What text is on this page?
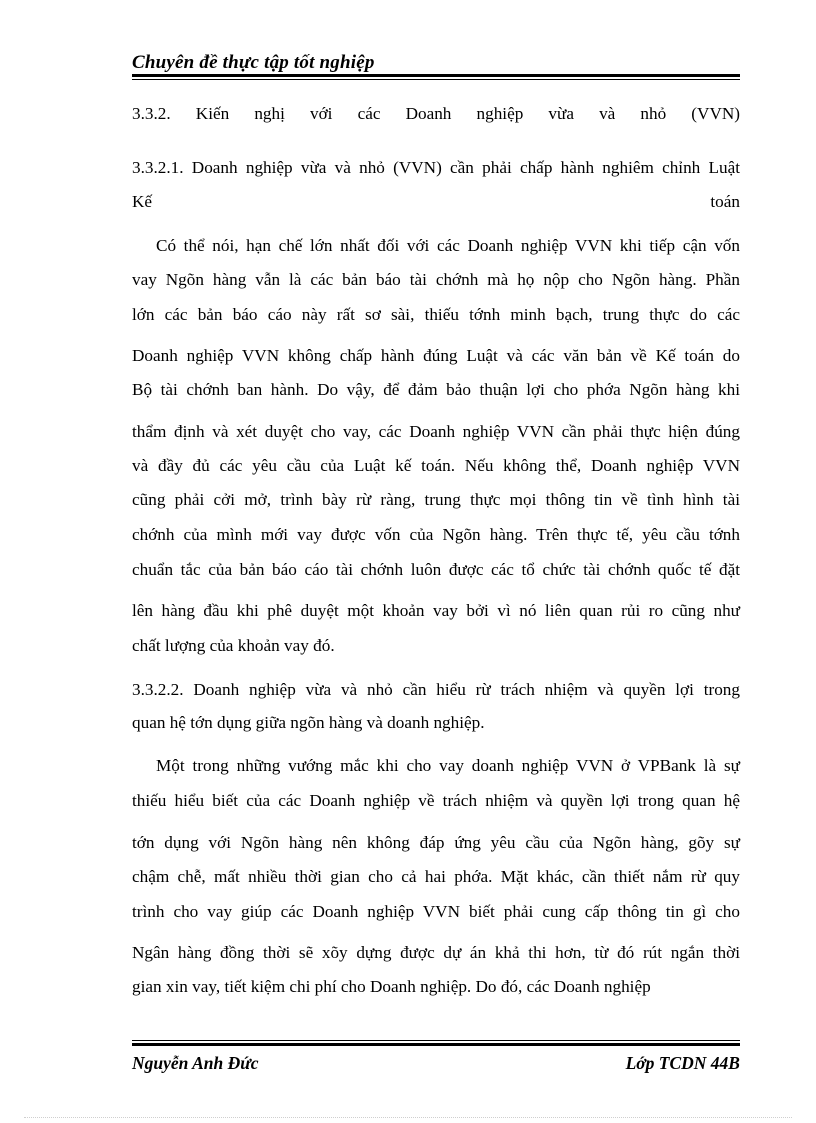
Chuyên đề thực tập tốt nghiệp
3.3.2. Kiến nghị với các Doanh nghiệp vừa và nhỏ (VVN)
3.3.2.1. Doanh nghiệp vừa và nhỏ (VVN) cần phải chấp hành nghiêm chỉnh Luật
Kế toán
Có thể nói, hạn chế lớn nhất đối với các Doanh nghiệp VVN khi tiếp cận vốn
vay Ngõn hàng vẫn là các bản báo tài chớnh mà họ nộp cho Ngõn hàng. Phần
lớn các bản báo cáo này rất sơ sài, thiếu tớnh minh bạch, trung thực do các
Doanh nghiệp VVN không chấp hành đúng Luật và các văn bản về Kế toán do
Bộ tài chớnh ban hành. Do vậy, để đảm bảo thuận lợi cho phớa Ngõn hàng khi
thẩm định và xét duyệt cho vay, các Doanh nghiệp VVN cần phải thực hiện đúng
và đầy đủ các yêu cầu của Luật kế toán. Nếu không thể, Doanh nghiệp VVN
cũng phải cởi mở, trình bày rừ ràng, trung thực mọi thông tin về tình hình tài
chớnh của mình mới vay được vốn của Ngõn hàng. Trên thực tế, yêu cầu tớnh
chuẩn tắc của bản báo cáo tài chớnh luôn được các tổ chức tài chớnh quốc tế đặt
lên hàng đầu khi phê duyệt một khoản vay bởi vì nó liên quan rủi ro cũng như
chất lượng của khoản vay đó.
3.3.2.2. Doanh nghiệp vừa và nhỏ cần hiểu rừ trách nhiệm và quyền lợi trong
quan hệ tớn dụng giữa ngõn hàng và doanh nghiệp.
Một trong những vướng mắc khi cho vay doanh nghiệp VVN ở VPBank là sự
thiếu hiểu biết của các Doanh nghiệp về trách nhiệm và quyền lợi trong quan hệ
tớn dụng với Ngõn hàng nên không đáp ứng yêu cầu của Ngõn hàng, gõy sự
chậm chễ, mất nhiều thời gian cho cả hai phớa. Mặt khác, cần thiết nắm rừ quy
trình cho vay giúp các Doanh nghiệp VVN biết phải cung cấp thông tin gì cho
Ngân hàng đồng thời sẽ xõy dựng được dự án khả thi hơn, từ đó rút ngắn thời
gian xin vay, tiết kiệm chi phí cho Doanh nghiệp. Do đó, các Doanh nghiệp
Nguyễn Anh Đức	Lớp TCDN 44B
